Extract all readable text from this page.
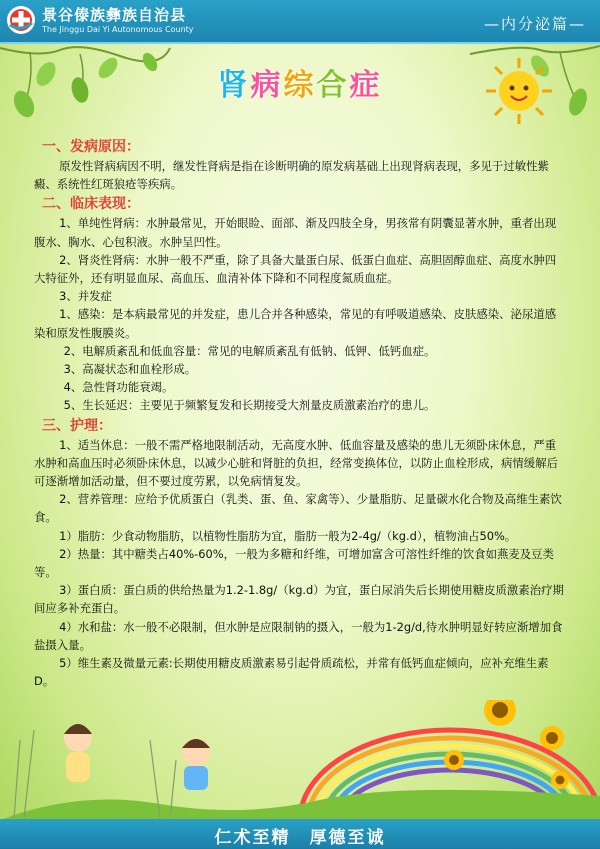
景谷傣族彝族自治县
The Jinggu Dai Yi Autonomous County	—内分泌篇—
肾病综合症

一、发病原因：

原发性肾病病因不明，继发性肾病是指在诊断明确的原发病基础上出现肾病表现，多见于过敏性紫癜、系统性红斑狼疮等疾病。

二、临床表现：

1、单纯性肾病：水肿最常见，开始眼睑、面部、渐及四肢全身，男孩常有阴囊显著水肿，重者出现腹水、胸水、心包积液。水肿呈凹性。

2、肾炎性肾病：水肿一般不严重，除了具备大量蛋白尿、低蛋白血症、高胆固醇血症、高度水肿四大特征外，还有明显血尿、高血压、血清补体下降和不同程度氮质血症。

3、并发症

1、感染：是本病最常见的并发症，患儿合并各种感染，常见的有呼吸道感染、皮肤感染、泌尿道感染和原发性腹膜炎。

2、电解质紊乱和低血容量：常见的电解质紊乱有低钠、低钾、低钙血症。

3、高凝状态和血栓形成。

4、急性肾功能衰竭。

5、生长延迟：主要见于频繁复发和长期接受大剂量皮质激素治疗的患儿。

三、护理：

1、适当休息：一般不需严格地限制活动，无高度水肿、低血容量及感染的患儿无须卧床休息，严重水肿和高血压时必须卧床休息，以减少心脏和肾脏的负担，经常变换体位，以防止血栓形成，病情缓解后可逐渐增加活动量，但不要过度劳累，以免病情复发。

2、营养管理：应给予优质蛋白（乳类、蛋、鱼、家禽等）、少量脂肪、足量碳水化合物及高维生素饮食。

1）脂肪：少食动物脂肪，以植物性脂肪为宜，脂肪一般为2-4g/（kg.d），植物油占50%。

2）热量：其中糖类占40%-60%，一般为多糖和纤维，可增加富含可溶性纤维的饮食如燕麦及豆类等。

3）蛋白质：蛋白质的供给热量为1.2-1.8g/（kg.d）为宜，蛋白尿消失后长期使用糖皮质激素治疗期间应多补充蛋白。

4）水和盐：水一般不必限制，但水肿是应限制钠的摄入，一般为1-2g/d,待水肿明显好转应渐增加食盐摄入量。

5）维生素及微量元素:长期使用糖皮质激素易引起骨质疏松，并常有低钙血症倾向，应补充维生素D。

仁术至精　厚德至诚
